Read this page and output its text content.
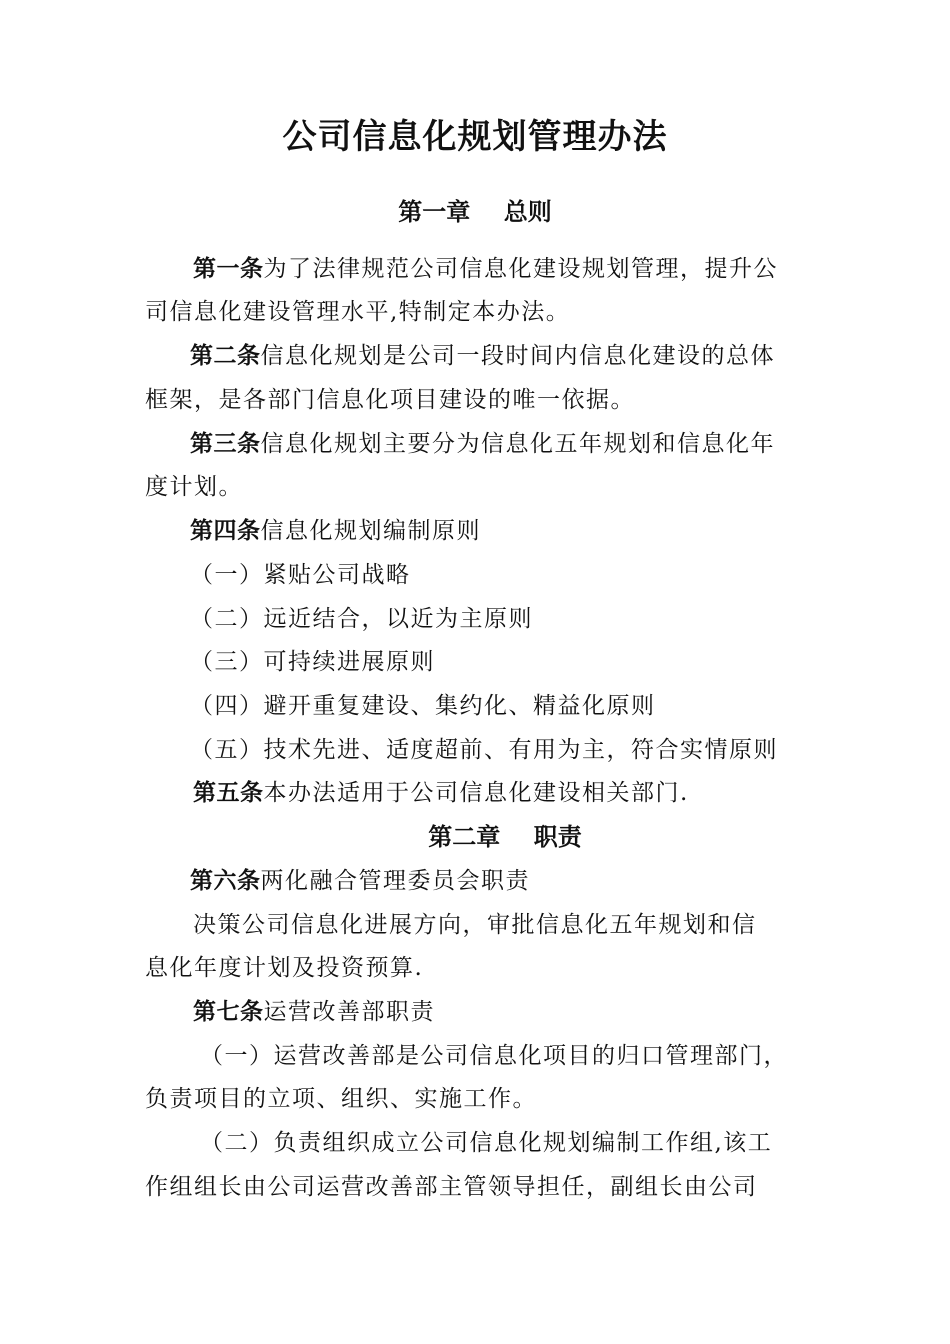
公司信息化规划管理办法
第一章    总则
第一条为了法律规范公司信息化建设规划管理，提升公
司信息化建设管理水平,特制定本办法。
第二条信息化规划是公司一段时间内信息化建设的总体
框架，是各部门信息化项目建设的唯一依据。
第三条信息化规划主要分为信息化五年规划和信息化年
度计划。
第四条信息化规划编制原则
（一）紧贴公司战略
（二）远近结合，以近为主原则
（三）可持续进展原则
（四）避开重复建设、集约化、精益化原则
（五）技术先进、适度超前、有用为主，符合实情原则
第五条本办法适用于公司信息化建设相关部门.
第二章    职责
第六条两化融合管理委员会职责
决策公司信息化进展方向，审批信息化五年规划和信
息化年度计划及投资预算.
第七条运营改善部职责
（一）运营改善部是公司信息化项目的归口管理部门，
负责项目的立项、组织、实施工作。
（二）负责组织成立公司信息化规划编制工作组,该工
作组组长由公司运营改善部主管领导担任，副组长由公司
